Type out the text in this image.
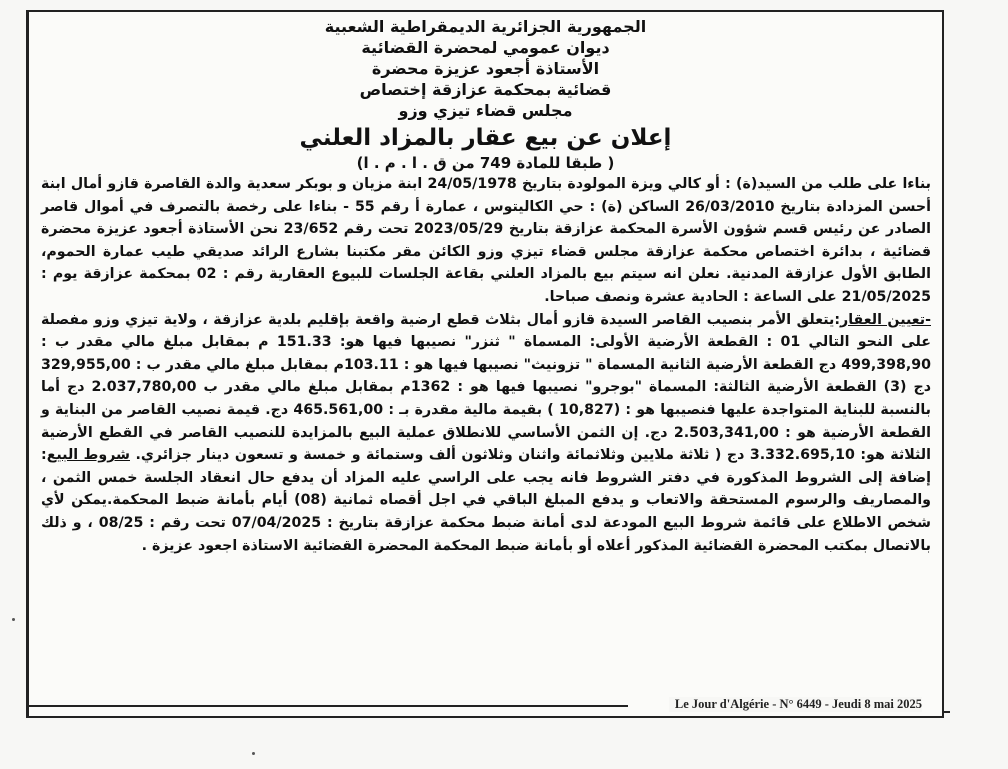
الجمهورية الجزائرية الديمقراطية الشعبية
ديوان عمومي لمحضرة القضائية
الأستاذة أجعود عزيزة محضرة
قضائية بمحكمة عزازقة إختصاص
مجلس قضاء تيزي وزو
إعلان عن بيع عقار بالمزاد العلني
( طبقا للمادة 749 من ق . ا . م . ا)

بناءا على طلب من السيد(ة) : أو كالي ويزة المولودة بتاريخ 24/05/1978 ابنة مزيان و بوبكر سعدية والدة القاصرة قازو أمال ابنة أحسن المزدادة بتاريخ 26/03/2010 الساكن (ة) : حي الكاليتوس ، عمارة أ رقم 55 - بناءا على رخصة بالتصرف في أموال قاصر الصادر عن رئيس قسم شؤون الأسرة المحكمة عزازقة بتاريخ 2023/05/29 تحت رقم 23/652 نحن الأستاذة أجعود عزيزة محضرة قضائية ، بدائرة اختصاص محكمة عزازقة مجلس قضاء تيزي وزو الكائن مقر مكتبنا بشارع الرائد صديقي طيب عمارة الحموم، الطابق الأول عزازقة المدنية. نعلن انه سيتم بيع بالمزاد العلني بقاعة الجلسات للبيوع العقارية رقم : 02 بمحكمة عزازقة يوم : 21/05/2025 على الساعة : الحادية عشرة ونصف صباحا.

-تعيين العقار:يتعلق الأمر بنصيب القاصر السيدة قازو أمال بثلاث قطع ارضية واقعة بإقليم بلدية عزازقة ، ولاية تيزي وزو مفصلة على النحو التالي 01 : القطعة الأرضية الأولى: المسماة " ثنزر" نصيبها فيها هو: 151.33 م بمقابل مبلغ مالي مقدر ب : 499,398,90 دج القطعة الأرضية الثانية المسماة " تزونيث" نصيبها فيها هو : 103.11م بمقابل مبلغ مالي مقدر ب : 329,955,00 دج (3) القطعة الأرضية الثالثة: المسماة "بوجرو" نصيبها فيها هو : 1362م بمقابل مبلغ مالي مقدر ب 2.037,780,00 دج أما بالنسبة للبناية المتواجدة عليها فنصيبها هو : (10,827 ) بقيمة مالية مقدرة بـ : 465.561,00 دج. قيمة نصيب القاصر من البناية و القطعة الأرضية هو : 2.503,341,00 دج. إن الثمن الأساسي للانطلاق عملية البيع بالمزايدة للنصيب القاصر في القطع الأرضية الثلاثة هو: 3.332.695,10 دج ( ثلاثة ملايين وثلاثمائة واثنان وثلاثون ألف وستمائة و خمسة و تسعون دينار جزائري. شروط البيع: إضافة إلى الشروط المذكورة في دفتر الشروط فانه يجب على الراسي عليه المزاد أن يدفع حال انعقاد الجلسة خمس الثمن ، والمصاريف والرسوم المستحقة والاتعاب و يدفع المبلغ الباقي في اجل أقصاه ثمانية (08) أيام بأمانة ضبط المحكمة.يمكن لأي شخص الاطلاع على قائمة شروط البيع المودعة لدى أمانة ضبط محكمة عزازقة بتاريخ : 07/04/2025 تحت رقم : 08/25 ، و ذلك بالاتصال بمكتب المحضرة القضائية المذكور أعلاه أو بأمانة ضبط المحكمة المحضرة القضائية الاستاذة اجعود عزيزة .

Le Jour d'Algérie - N° 6449 - Jeudi 8 mai 2025
